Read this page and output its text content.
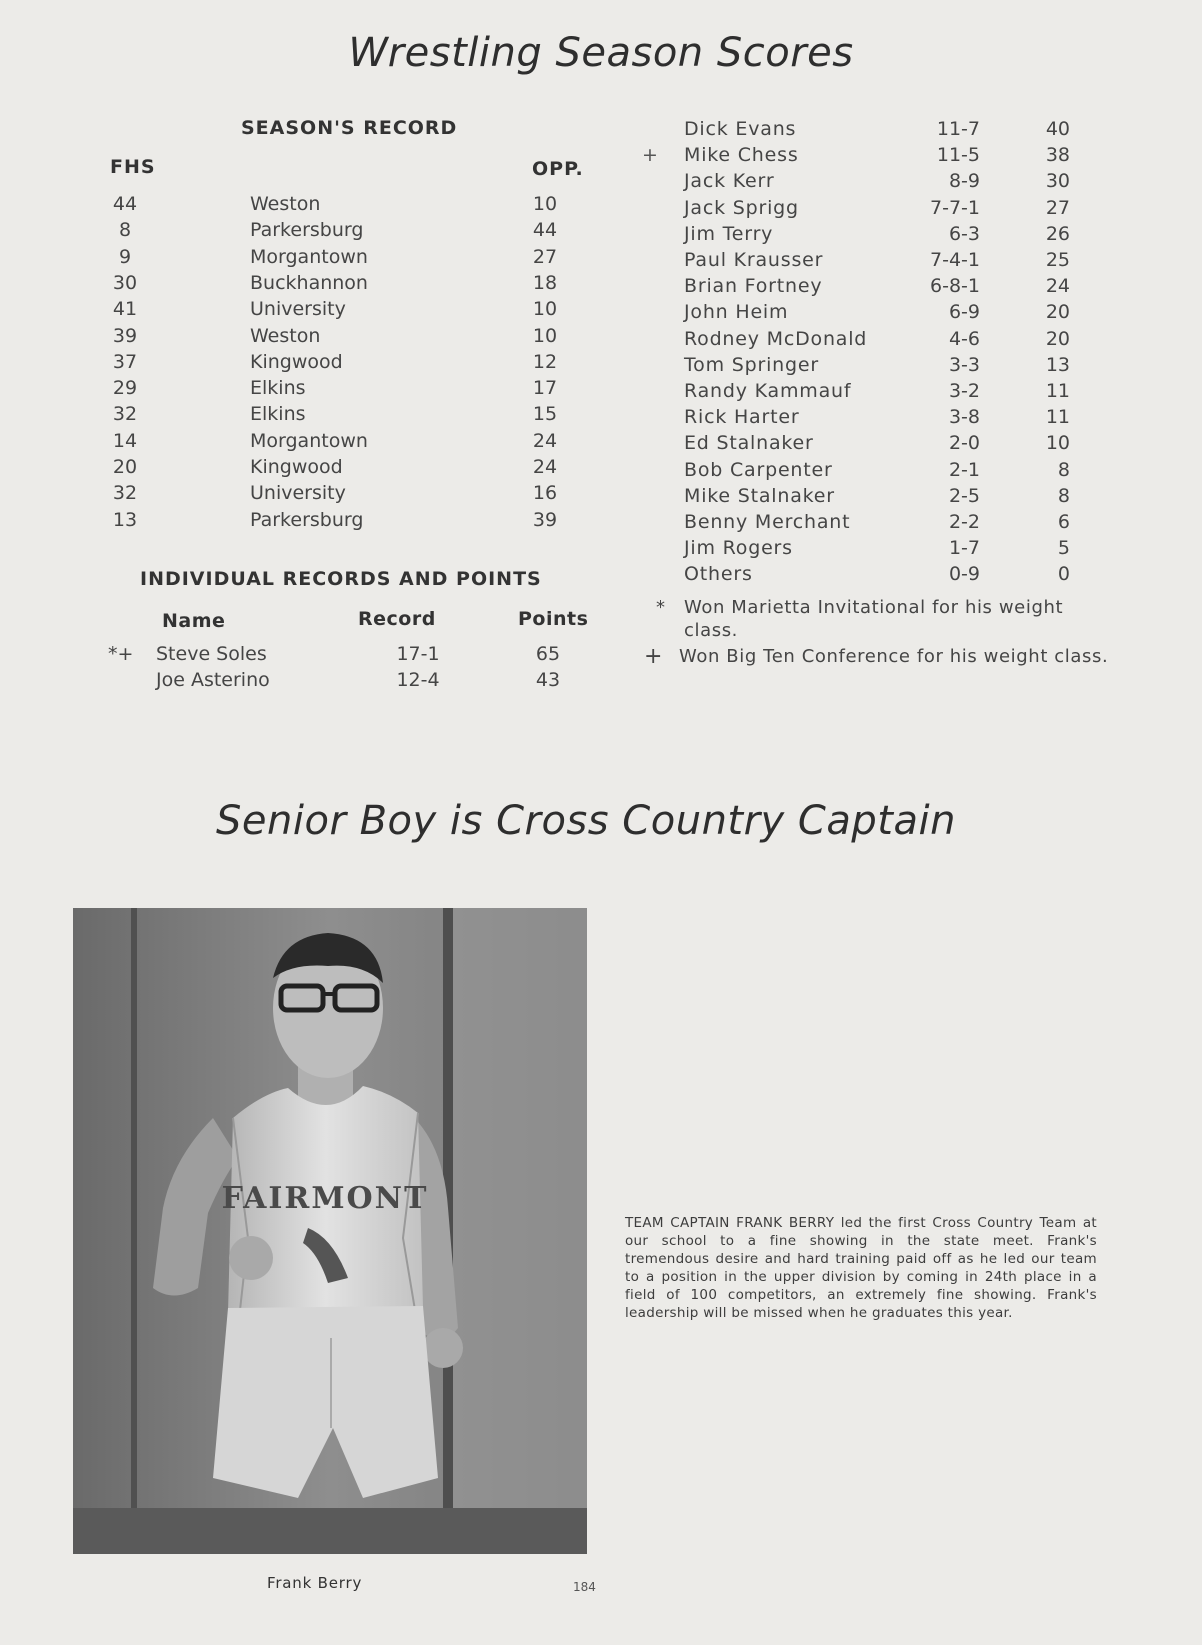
Wrestling Season Scores
SEASON'S RECORD
FHS	OPP.
44	Weston	10
8	Parkersburg	44
9	Morgantown	27
30	Buckhannon	18
41	University	10
39	Weston	10
37	Kingwood	12
29	Elkins	17
32	Elkins	15
14	Morgantown	24
20	Kingwood	24
32	University	16
13	Parkersburg	39
INDIVIDUAL RECORDS AND POINTS
Name	Record	Points
*+	Steve Soles	17-1	65
Joe Asterino	12-4	43
Dick Evans	11-7	40
+ Mike Chess	11-5	38
Jack Kerr	8-9	30
Jack Sprigg	7-7-1	27
Jim Terry	6-3	26
Paul Krausser	7-4-1	25
Brian Fortney	6-8-1	24
John Heim	6-9	20
Rodney McDonald	4-6	20
Tom Springer	3-3	13
Randy Kammauf	3-2	11
Rick Harter	3-8	11
Ed Stalnaker	2-0	10
Bob Carpenter	2-1	8
Mike Stalnaker	2-5	8
Benny Merchant	2-2	6
Jim Rogers	1-7	5
Others	0-9	0
*	Won Marietta Invitational for his weight class.
+ Won Big Ten Conference for his weight class.
Senior Boy is Cross Country Captain
FAIRMONT
Frank Berry	184
TEAM CAPTAIN FRANK BERRY led the first Cross Country Team at our school to a fine showing in the state meet. Frank's tremendous desire and hard training paid off as he led our team to a position in the upper division by coming in 24th place in a field of 100 competitors, an extremely fine showing. Frank's leadership will be missed when he graduates this year.
